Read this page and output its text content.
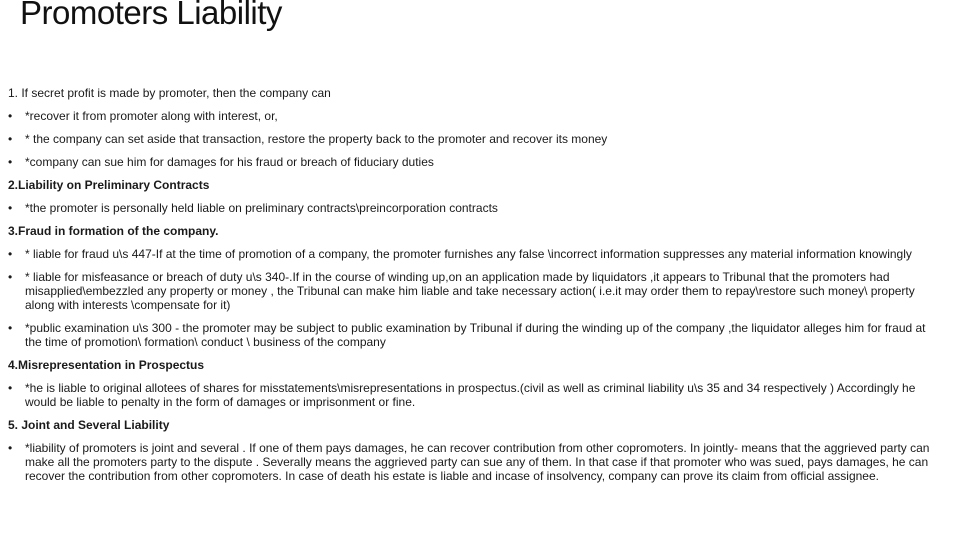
Promoters Liability

1. If secret profit is made by promoter, then the company can

• *recover it from promoter along with interest, or,
• * the company can set aside that transaction, restore the property back to the promoter and recover its money
• *company can sue him for damages for his fraud or breach of fiduciary duties

2.Liability on Preliminary Contracts

• *the promoter is personally held liable on preliminary contracts\preincorporation contracts

3.Fraud in formation of the company.

• * liable for fraud u\s 447-If at the time of promotion of a company, the promoter furnishes any false \incorrect information suppresses any material information knowingly
• * liable for misfeasance or breach of duty u\s 340-.If in the course of winding up,on an application made by liquidators ,it appears to Tribunal that the promoters had misapplied\embezzled any property or money , the Tribunal can make him liable and take necessary action( i.e.it may order them to repay\restore such money\ property along with interests \compensate for it)
• *public examination u\s 300 - the promoter may be subject to public examination by Tribunal if during the winding up of the company ,the liquidator alleges him for fraud at the time of promotion\ formation\ conduct \ business of the company

4.Misrepresentation in Prospectus

• *he is liable to original allotees of shares for misstatements\misrepresentations in prospectus.(civil as well as criminal liability u\s 35 and 34 respectively ) Accordingly he would be liable to penalty in the form of damages or imprisonment or fine.

5. Joint and Several Liability

• *liability of promoters is joint and several . If one of them pays damages, he can recover contribution from other copromoters. In jointly- means that the aggrieved party can make all the promoters party to the dispute . Severally means the aggrieved party can sue any of them. In that case if that promoter who was sued, pays damages, he can recover the contribution from other copromoters. In case of death his estate is liable and incase of insolvency, company can prove its claim from official assignee.
